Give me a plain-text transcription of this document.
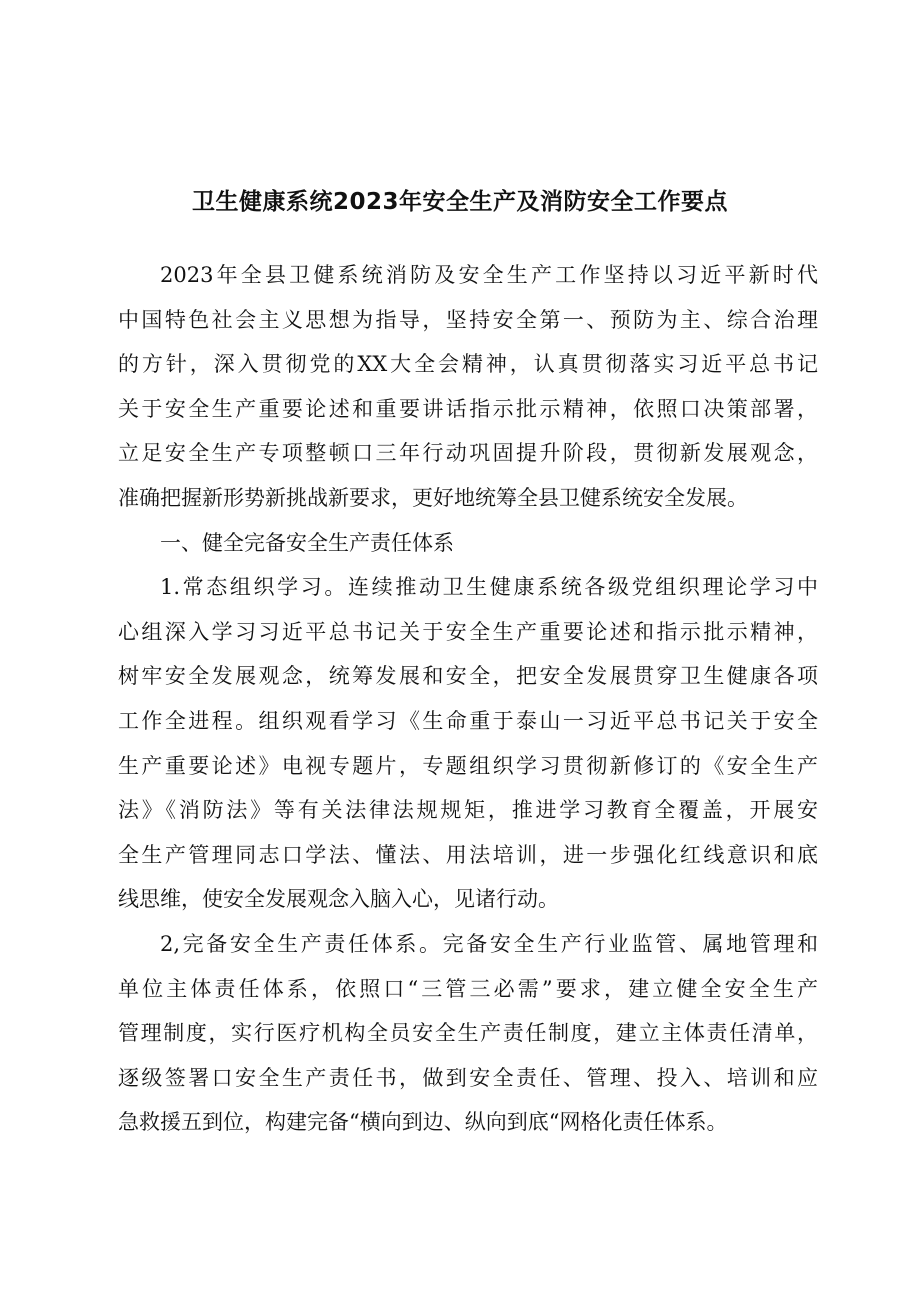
卫生健康系统2023年安全生产及消防安全工作要点
2023年全县卫健系统消防及安全生产工作坚持以习近平新时代
中国特色社会主义思想为指导，坚持安全第一、预防为主、综合治理
的方针，深入贯彻党的XX大全会精神，认真贯彻落实习近平总书记
关于安全生产重要论述和重要讲话指示批示精神，依照口决策部署，
立足安全生产专项整顿口三年行动巩固提升阶段，贯彻新发展观念，
准确把握新形势新挑战新要求，更好地统筹全县卫健系统安全发展。
一、健全完备安全生产责任体系
1.常态组织学习。连续推动卫生健康系统各级党组织理论学习中
心组深入学习习近平总书记关于安全生产重要论述和指示批示精神，
树牢安全发展观念，统筹发展和安全，把安全发展贯穿卫生健康各项
工作全进程。组织观看学习《生命重于泰山一习近平总书记关于安全
生产重要论述》电视专题片，专题组织学习贯彻新修订的《安全生产
法》《消防法》等有关法律法规规矩，推进学习教育全覆盖，开展安
全生产管理同志口学法、懂法、用法培训，进一步强化红线意识和底
线思维，使安全发展观念入脑入心，见诸行动。
2,完备安全生产责任体系。完备安全生产行业监管、属地管理和
单位主体责任体系，依照口“三管三必需”要求，建立健全安全生产
管理制度，实行医疗机构全员安全生产责任制度，建立主体责任清单，
逐级签署口安全生产责任书，做到安全责任、管理、投入、培训和应
急救援五到位，构建完备“横向到边、纵向到底“网格化责任体系。
